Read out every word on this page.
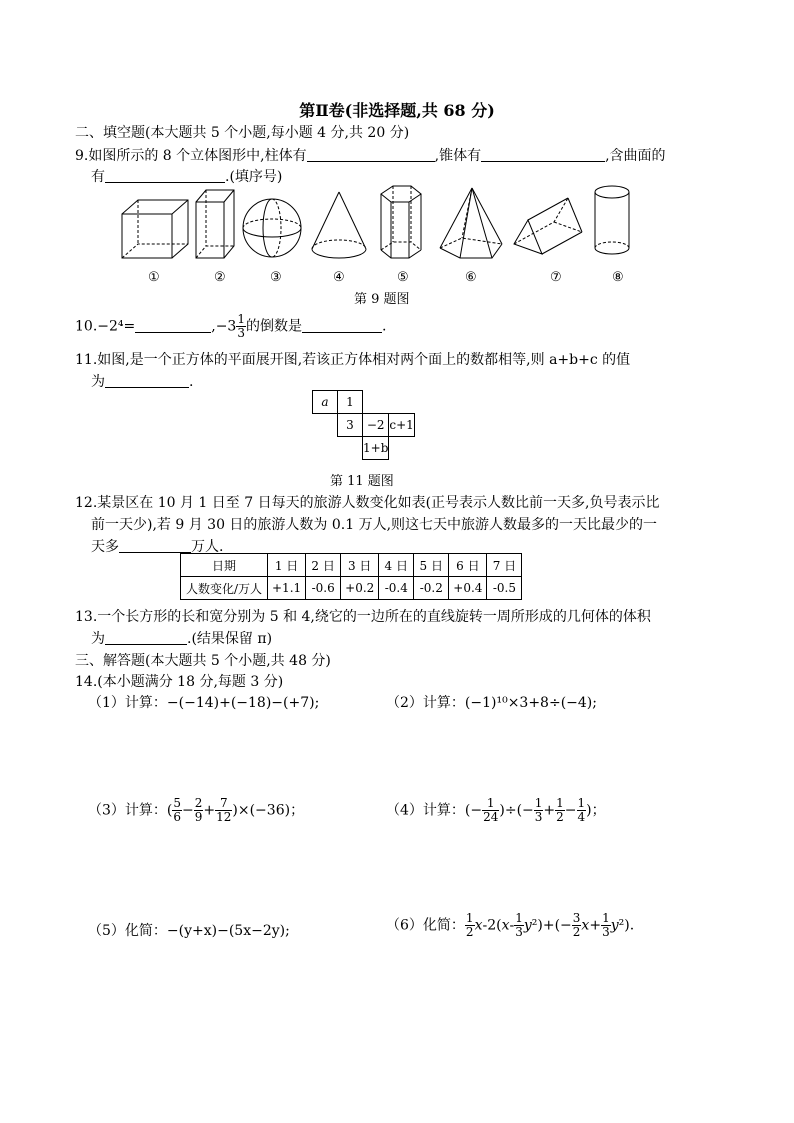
第Ⅱ卷(非选择题,共 68 分)
二、填空题(本大题共 5 个小题,每小题 4 分,共 20 分)
9.如图所示的 8 个立体图形中,柱体有	,锥体有	,含曲面的
有	.(填序号)
①	②	③	④	⑤	⑥	⑦	⑧
第 9 题图
10.−2⁴=	$,-3 \frac{1}{3}$ 的倒数是	.
11.如图,是一个正方体的平面展开图,若该正方体相对两个面上的数都相等,则 a+b+c 的值
为	.
a	1		
	3	−2	c+1
		1+b	
第 11 题图
12.某景区在 10 月 1 日至 7 日每天的旅游人数变化如表(正号表示人数比前一天多,负号表示比
前一天少),若 9 月 30 日的旅游人数为 0.1 万人,则这七天中旅游人数最多的一天比最少的一
天多	万人.
日期	1 日	2 日	3 日	4 日	5 日	6 日	7 日
人数变化/万人	+1.1	-0.6	+0.2	-0.4	-0.2	+0.4	-0.5
13.一个长方形的长和宽分别为 5 和 4,绕它的一边所在的直线旋转一周所形成的几何体的体积
为	.(结果保留 π)
三、解答题(本大题共 5 个小题,共 48 分)
14.(本小题满分 18 分,每题 3 分)
（1）计算：−(−14)+(−18)−(+7);	（2）计算：(−1)¹⁰×3+8÷(−4);
（3）计算：( $\frac{5}{6} - \frac{2}{9} + \frac{7}{12} )\times(-36)$；	（4）计算：(− $\frac{1}{24}$ )÷(− $\frac{1}{3} + \frac{1}{2} - \frac{1}{4}$ )；
（5）化简：−(y+x)−(5x−2y);	（6）化简： $\frac{1}{2} x-2(x- \frac{1}{3} y^2)+(- \frac{3}{2} x+ \frac{1}{3} y^2)$.
